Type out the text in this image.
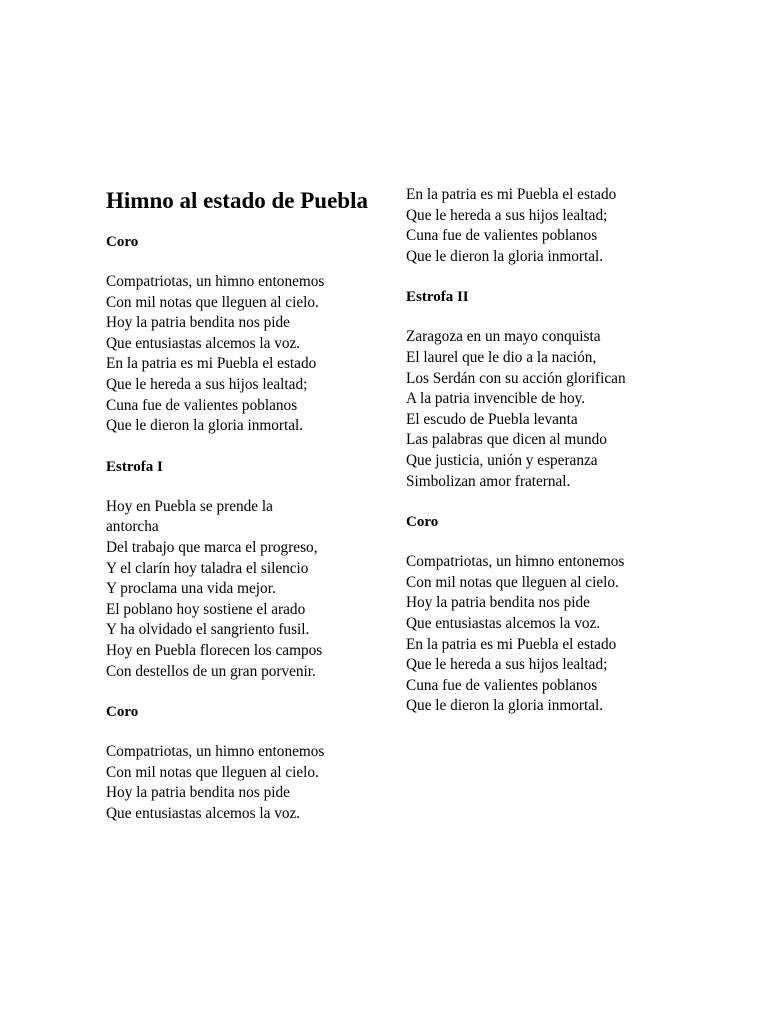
Himno al estado de Puebla
Coro
Compatriotas, un himno entonemos
Con mil notas que lleguen al cielo.
Hoy la patria bendita nos pide
Que entusiastas alcemos la voz.
En la patria es mi Puebla el estado
Que le hereda a sus hijos lealtad;
Cuna fue de valientes poblanos
Que le dieron la gloria inmortal.
Estrofa I
Hoy en Puebla se prende la antorcha
Del trabajo que marca el progreso,
Y el clarín hoy taladra el silencio
Y proclama una vida mejor.
El poblano hoy sostiene el arado
Y ha olvidado el sangriento fusil.
Hoy en Puebla florecen los campos
Con destellos de un gran porvenir.
Coro
Compatriotas, un himno entonemos
Con mil notas que lleguen al cielo.
Hoy la patria bendita nos pide
Que entusiastas alcemos la voz.
En la patria es mi Puebla el estado
Que le hereda a sus hijos lealtad;
Cuna fue de valientes poblanos
Que le dieron la gloria inmortal.
Estrofa II
Zaragoza en un mayo conquista
El laurel que le dio a la nación,
Los Serdán con su acción glorifican
A la patria invencible de hoy.
El escudo de Puebla levanta
Las palabras que dicen al mundo
Que justicia, unión y esperanza
Simbolizan amor fraternal.
Coro
Compatriotas, un himno entonemos
Con mil notas que lleguen al cielo.
Hoy la patria bendita nos pide
Que entusiastas alcemos la voz.
En la patria es mi Puebla el estado
Que le hereda a sus hijos lealtad;
Cuna fue de valientes poblanos
Que le dieron la gloria inmortal.
